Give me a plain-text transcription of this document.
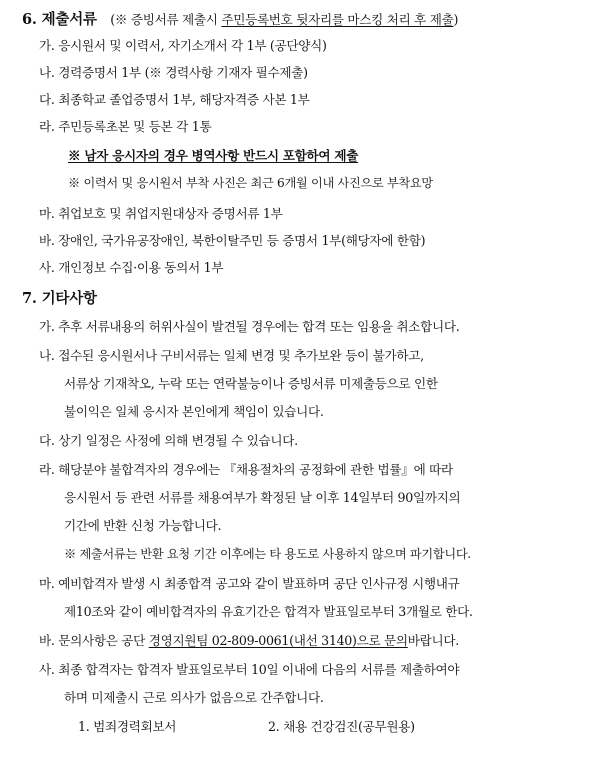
6. 제출서류 (※ 증빙서류 제출시 주민등록번호 뒷자리를 마스킹 처리 후 제출)
가. 응시원서 및 이력서, 자기소개서 각 1부 (공단양식)
나. 경력증명서 1부 (※ 경력사항 기재자 필수제출)
다. 최종학교 졸업증명서 1부, 해당자격증 사본 1부
라. 주민등록초본 및 등본 각 1통
※ 남자 응시자의 경우 병역사항 반드시 포함하여 제출
※ 이력서 및 응시원서 부착 사진은 최근 6개월 이내 사진으로 부착요망
마. 취업보호 및 취업지원대상자 증명서류 1부
바. 장애인, 국가유공장애인, 북한이탈주민 등 증명서 1부(해당자에 한함)
사. 개인정보 수집·이용 동의서 1부
7. 기타사항
가. 추후 서류내용의 허위사실이 발견될 경우에는 합격 또는 임용을 취소합니다.
나. 접수된 응시원서나 구비서류는 일체 변경 및 추가보완 등이 불가하고,
서류상 기재착오, 누락 또는 연락불능이나 증빙서류 미제출등으로 인한
불이익은 일체 응시자 본인에게 책임이 있습니다.
다. 상기 일정은 사정에 의해 변경될 수 있습니다.
라. 해당분야 불합격자의 경우에는 『채용절차의 공정화에 관한 법률』에 따라
응시원서 등 관련 서류를 채용여부가 확정된 날 이후 14일부터 90일까지의
기간에 반환 신청 가능합니다.
※ 제출서류는 반환 요청 기간 이후에는 타 용도로 사용하지 않으며 파기합니다.
마. 예비합격자 발생 시 최종합격 공고와 같이 발표하며 공단 인사규정 시행내규
제10조와 같이 예비합격자의 유효기간은 합격자 발표일로부터 3개월로 한다.
바. 문의사항은 공단 경영지원팀 02-809-0061(내선 3140)으로 문의바랍니다.
사. 최종 합격자는 합격자 발표일로부터 10일 이내에 다음의 서류를 제출하여야
하며 미제출시 근로 의사가 없음으로 간주합니다.
1. 범죄경력회보서	2. 채용 건강검진(공무원용)
